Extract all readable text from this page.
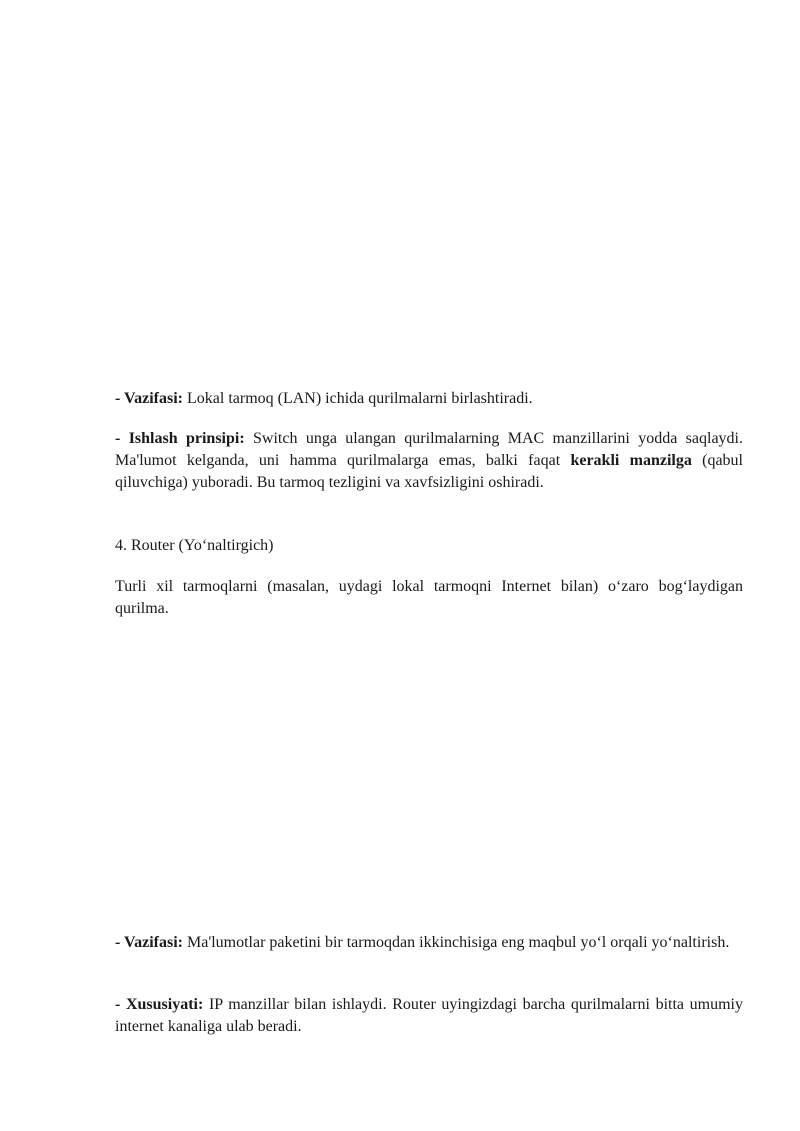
- Vazifasi: Lokal tarmoq (LAN) ichida qurilmalarni birlashtiradi.

- Ishlash prinsipi: Switch unga ulangan qurilmalarning MAC manzillarini yodda saqlaydi. Ma'lumot kelganda, uni hamma qurilmalarga emas, balki faqat kerakli manzilga (qabul qiluvchiga) yuboradi. Bu tarmoq tezligini va xavfsizligini oshiradi.

4. Router (Yo‘naltirgich)

Turli xil tarmoqlarni (masalan, uydagi lokal tarmoqni Internet bilan) o‘zaro bog‘laydigan qurilma.

- Vazifasi: Ma'lumotlar paketini bir tarmoqdan ikkinchisiga eng maqbul yo‘l orqali yo‘naltirish.

- Xususiyati: IP manzillar bilan ishlaydi. Router uyingizdagi barcha qurilmalarni bitta umumiy internet kanaliga ulab beradi.
